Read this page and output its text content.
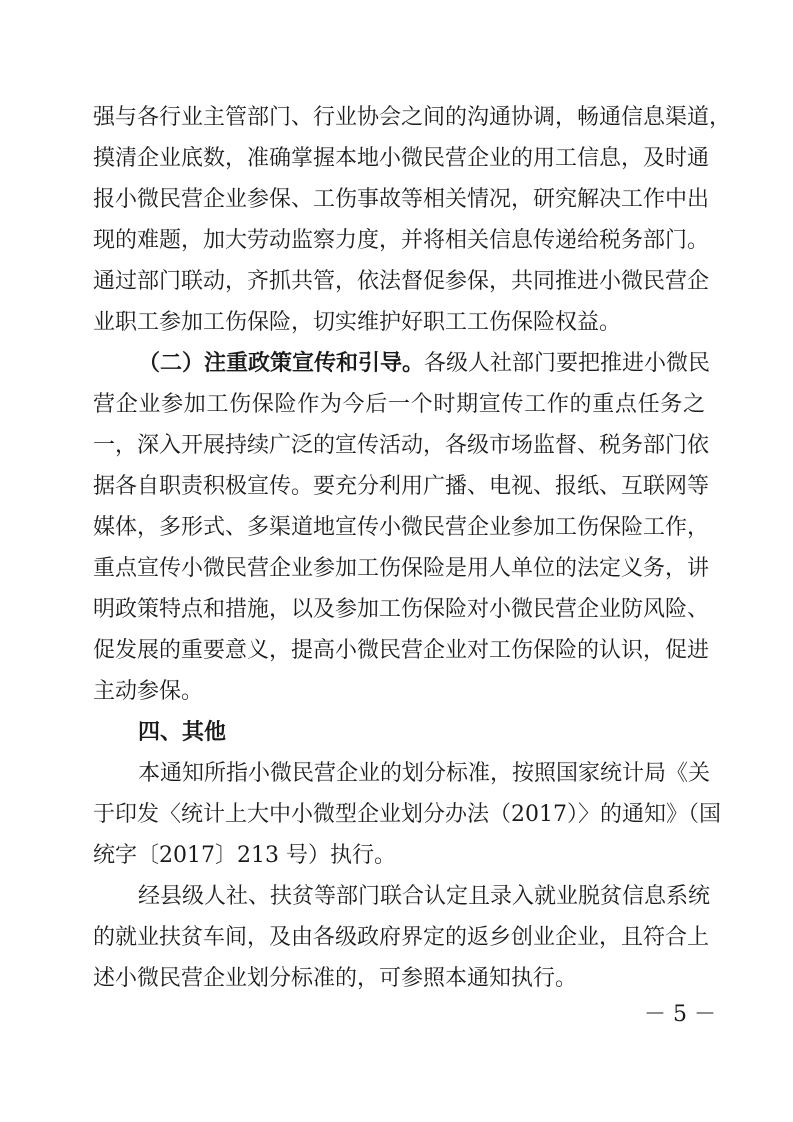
强与各行业主管部门、行业协会之间的沟通协调，畅通信息渠道，
摸清企业底数，准确掌握本地小微民营企业的用工信息，及时通
报小微民营企业参保、工伤事故等相关情况，研究解决工作中出
现的难题，加大劳动监察力度，并将相关信息传递给税务部门。
通过部门联动，齐抓共管，依法督促参保，共同推进小微民营企
业职工参加工伤保险，切实维护好职工工伤保险权益。
（二）注重政策宣传和引导。各级人社部门要把推进小微民
营企业参加工伤保险作为今后一个时期宣传工作的重点任务之
一，深入开展持续广泛的宣传活动，各级市场监督、税务部门依
据各自职责积极宣传。要充分利用广播、电视、报纸、互联网等
媒体，多形式、多渠道地宣传小微民营企业参加工伤保险工作，
重点宣传小微民营企业参加工伤保险是用人单位的法定义务，讲
明政策特点和措施，以及参加工伤保险对小微民营企业防风险、
促发展的重要意义，提高小微民营企业对工伤保险的认识，促进
主动参保。
四、其他
本通知所指小微民营企业的划分标准，按照国家统计局《关
于印发〈统计上大中小微型企业划分办法（2017）〉的通知》（国
统字〔2017〕213 号）执行。
经县级人社、扶贫等部门联合认定且录入就业脱贫信息系统
的就业扶贫车间，及由各级政府界定的返乡创业企业，且符合上
述小微民营企业划分标准的，可参照本通知执行。
－ 5 －
